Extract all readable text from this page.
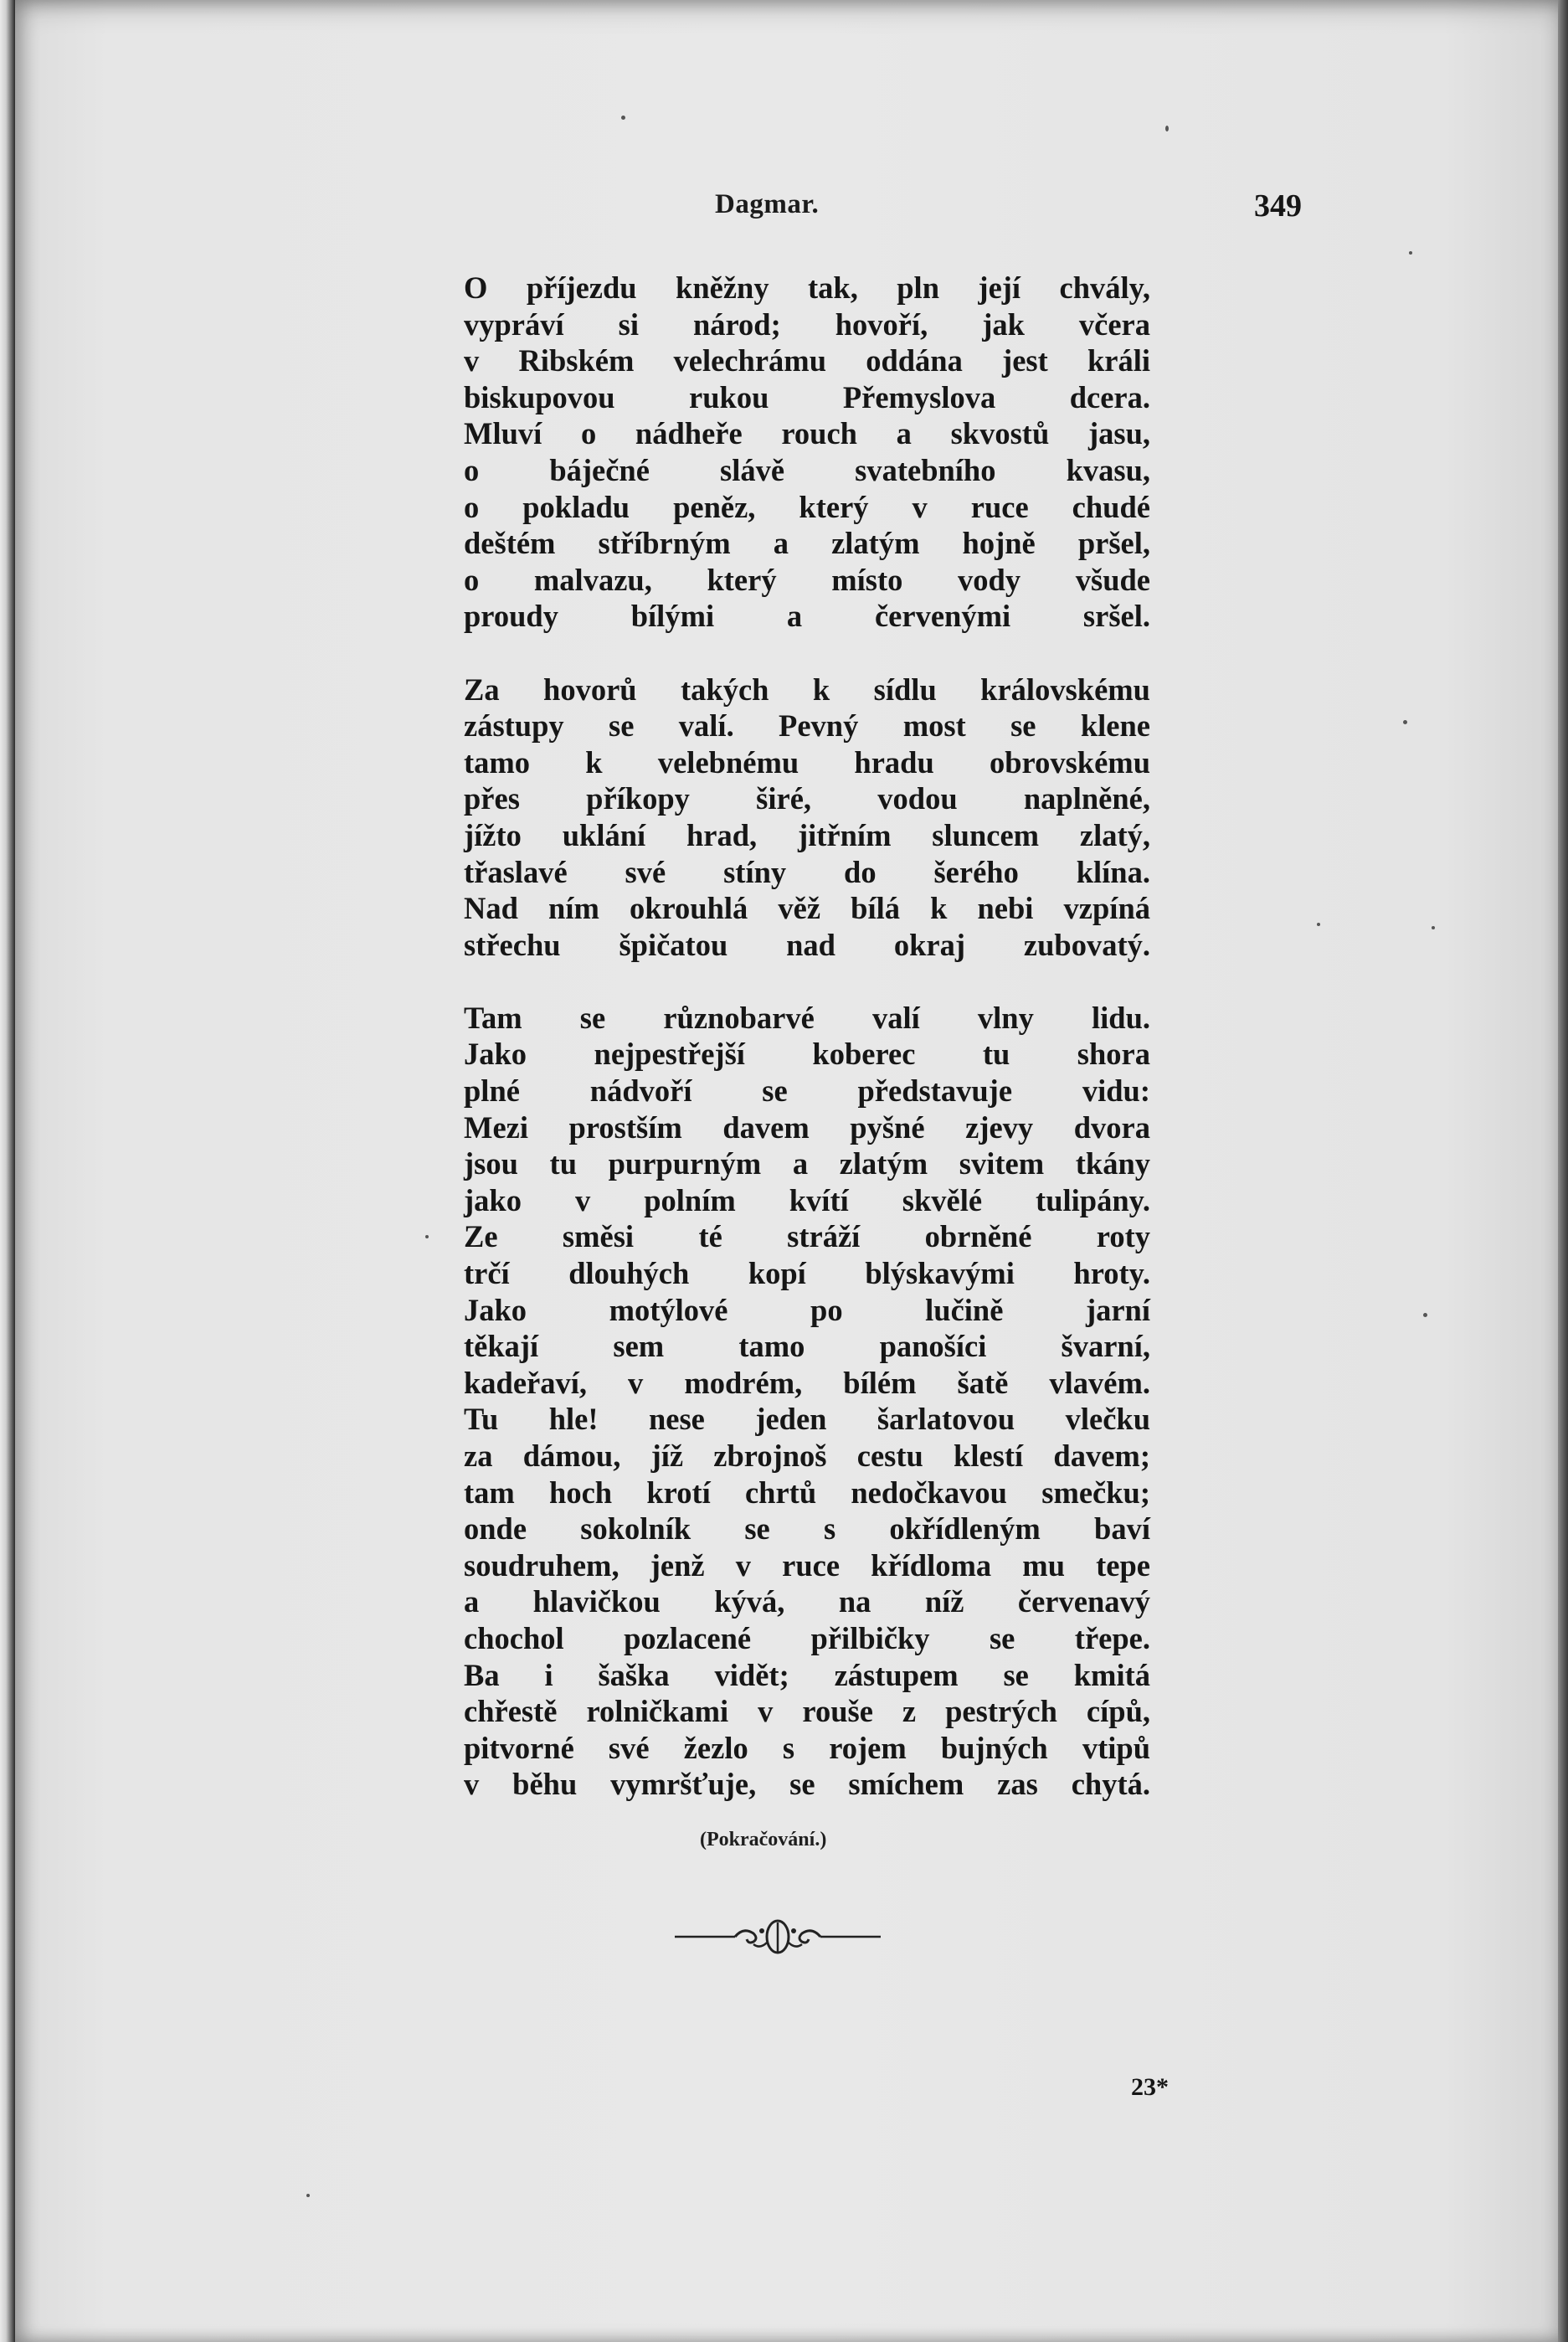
Dagmar.	349
O příjezdu kněžny tak, pln její chvály,
vypráví si národ; hovoří, jak včera
v Ribském velechrámu oddána jest králi
biskupovou rukou Přemyslova dcera.
Mluví o nádheře rouch a skvostů jasu,
o báječné slávě svatebního kvasu,
o pokladu peněz, který v ruce chudé
deštém stříbrným a zlatým hojně pršel,
o malvazu, který místo vody všude
proudy bílými a červenými sršel.
Za hovorů takých k sídlu královskému
zástupy se valí. Pevný most se klene
tamo k velebnému hradu obrovskému
přes příkopy širé, vodou naplněné,
jížto uklání hrad, jitřním sluncem zlatý,
třaslavé své stíny do šerého klína.
Nad ním okrouhlá věž bílá k nebi vzpíná
střechu špičatou nad okraj zubovatý.
Tam se různobarvé valí vlny lidu.
Jako nejpestřejší koberec tu shora
plné nádvoří se představuje vidu:
Mezi prostším davem pyšné zjevy dvora
jsou tu purpurným a zlatým svitem tkány
jako v polním kvítí skvělé tulipány.
Ze směsi té stráží obrněné roty
trčí dlouhých kopí blýskavými hroty.
Jako motýlové po lučině jarní
těkají sem tamo panošíci švarní,
kadeřaví, v modrém, bílém šatě vlavém.
Tu hle! nese jeden šarlatovou vlečku
za dámou, jíž zbrojnoš cestu klestí davem;
tam hoch krotí chrtů nedočkavou smečku;
onde sokolník se s okřídleným baví
soudruhem, jenž v ruce křídloma mu tepe
a hlavičkou kývá, na níž červenavý
chochol pozlacené přilbičky se třepe.
Ba i šaška vidět; zástupem se kmitá
chřestě rolničkami v rouše z pestrých cípů,
pitvorné své žezlo s rojem bujných vtipů
v běhu vymršťuje, se smíchem zas chytá.
(Pokračování.)
23*
